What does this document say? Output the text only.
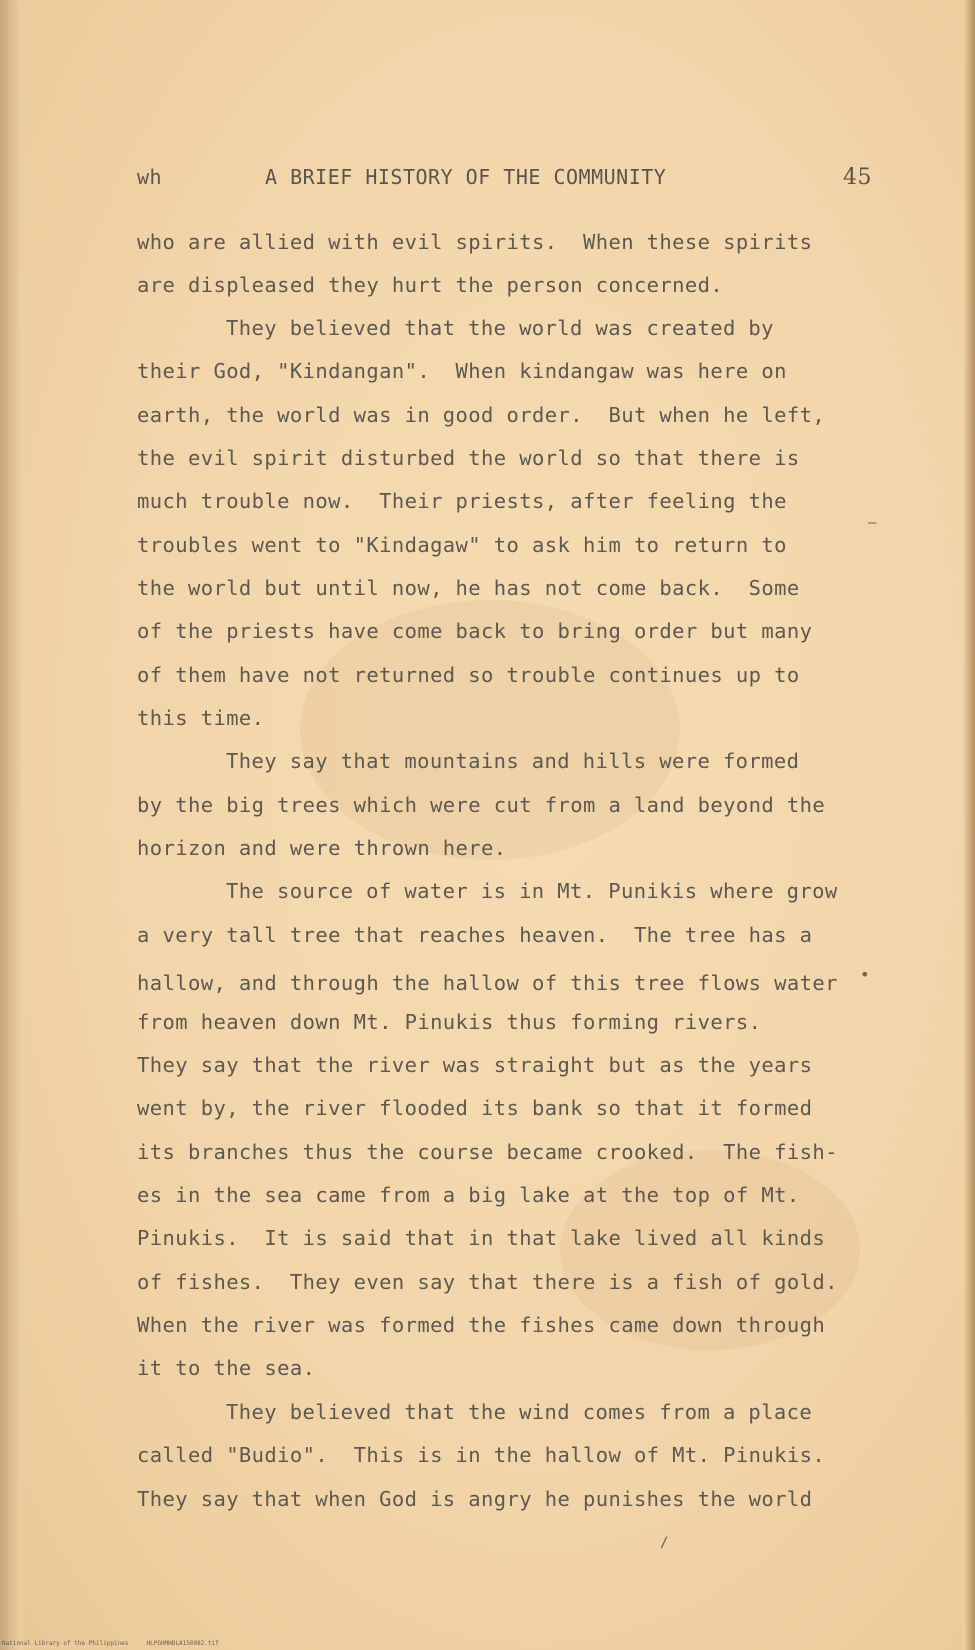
wh	A BRIEF HISTORY OF THE COMMUNITY	45
who are allied with evil spirits.  When these spirits
are displeased they hurt the person concerned.
They believed that the world was created by
their God, "Kindangan".  When kindangaw was here on
earth, the world was in good order.  But when he left,
the evil spirit disturbed the world so that there is
much trouble now.  Their priests, after feeling the
troubles went to "Kindagaw" to ask him to return to
the world but until now, he has not come back.  Some
of the priests have come back to bring order but many
of them have not returned so trouble continues up to
this time.
They say that mountains and hills were formed
by the big trees which were cut from a land beyond the
horizon and were thrown here.
The source of water is in Mt. Punikis where grow
a very tall tree that reaches heaven.  The tree has a
hallow, and through the hallow of this tree flows water
from heaven down Mt. Pinukis thus forming rivers.
They say that the river was straight but as the years
went by, the river flooded its bank so that it formed
its branches thus the course became crooked.  The fish-
es in the sea came from a big lake at the top of Mt.
Pinukis.  It is said that in that lake lived all kinds
of fishes.  They even say that there is a fish of gold.
When the river was formed the fishes came down through
it to the sea.
They believed that the wind comes from a place
called "Budio".  This is in the hallow of Mt. Pinukis.
They say that when God is angry he punishes the world
•
/
—
National Library of the Philippines     HLPGHMHDLA150082.tif
